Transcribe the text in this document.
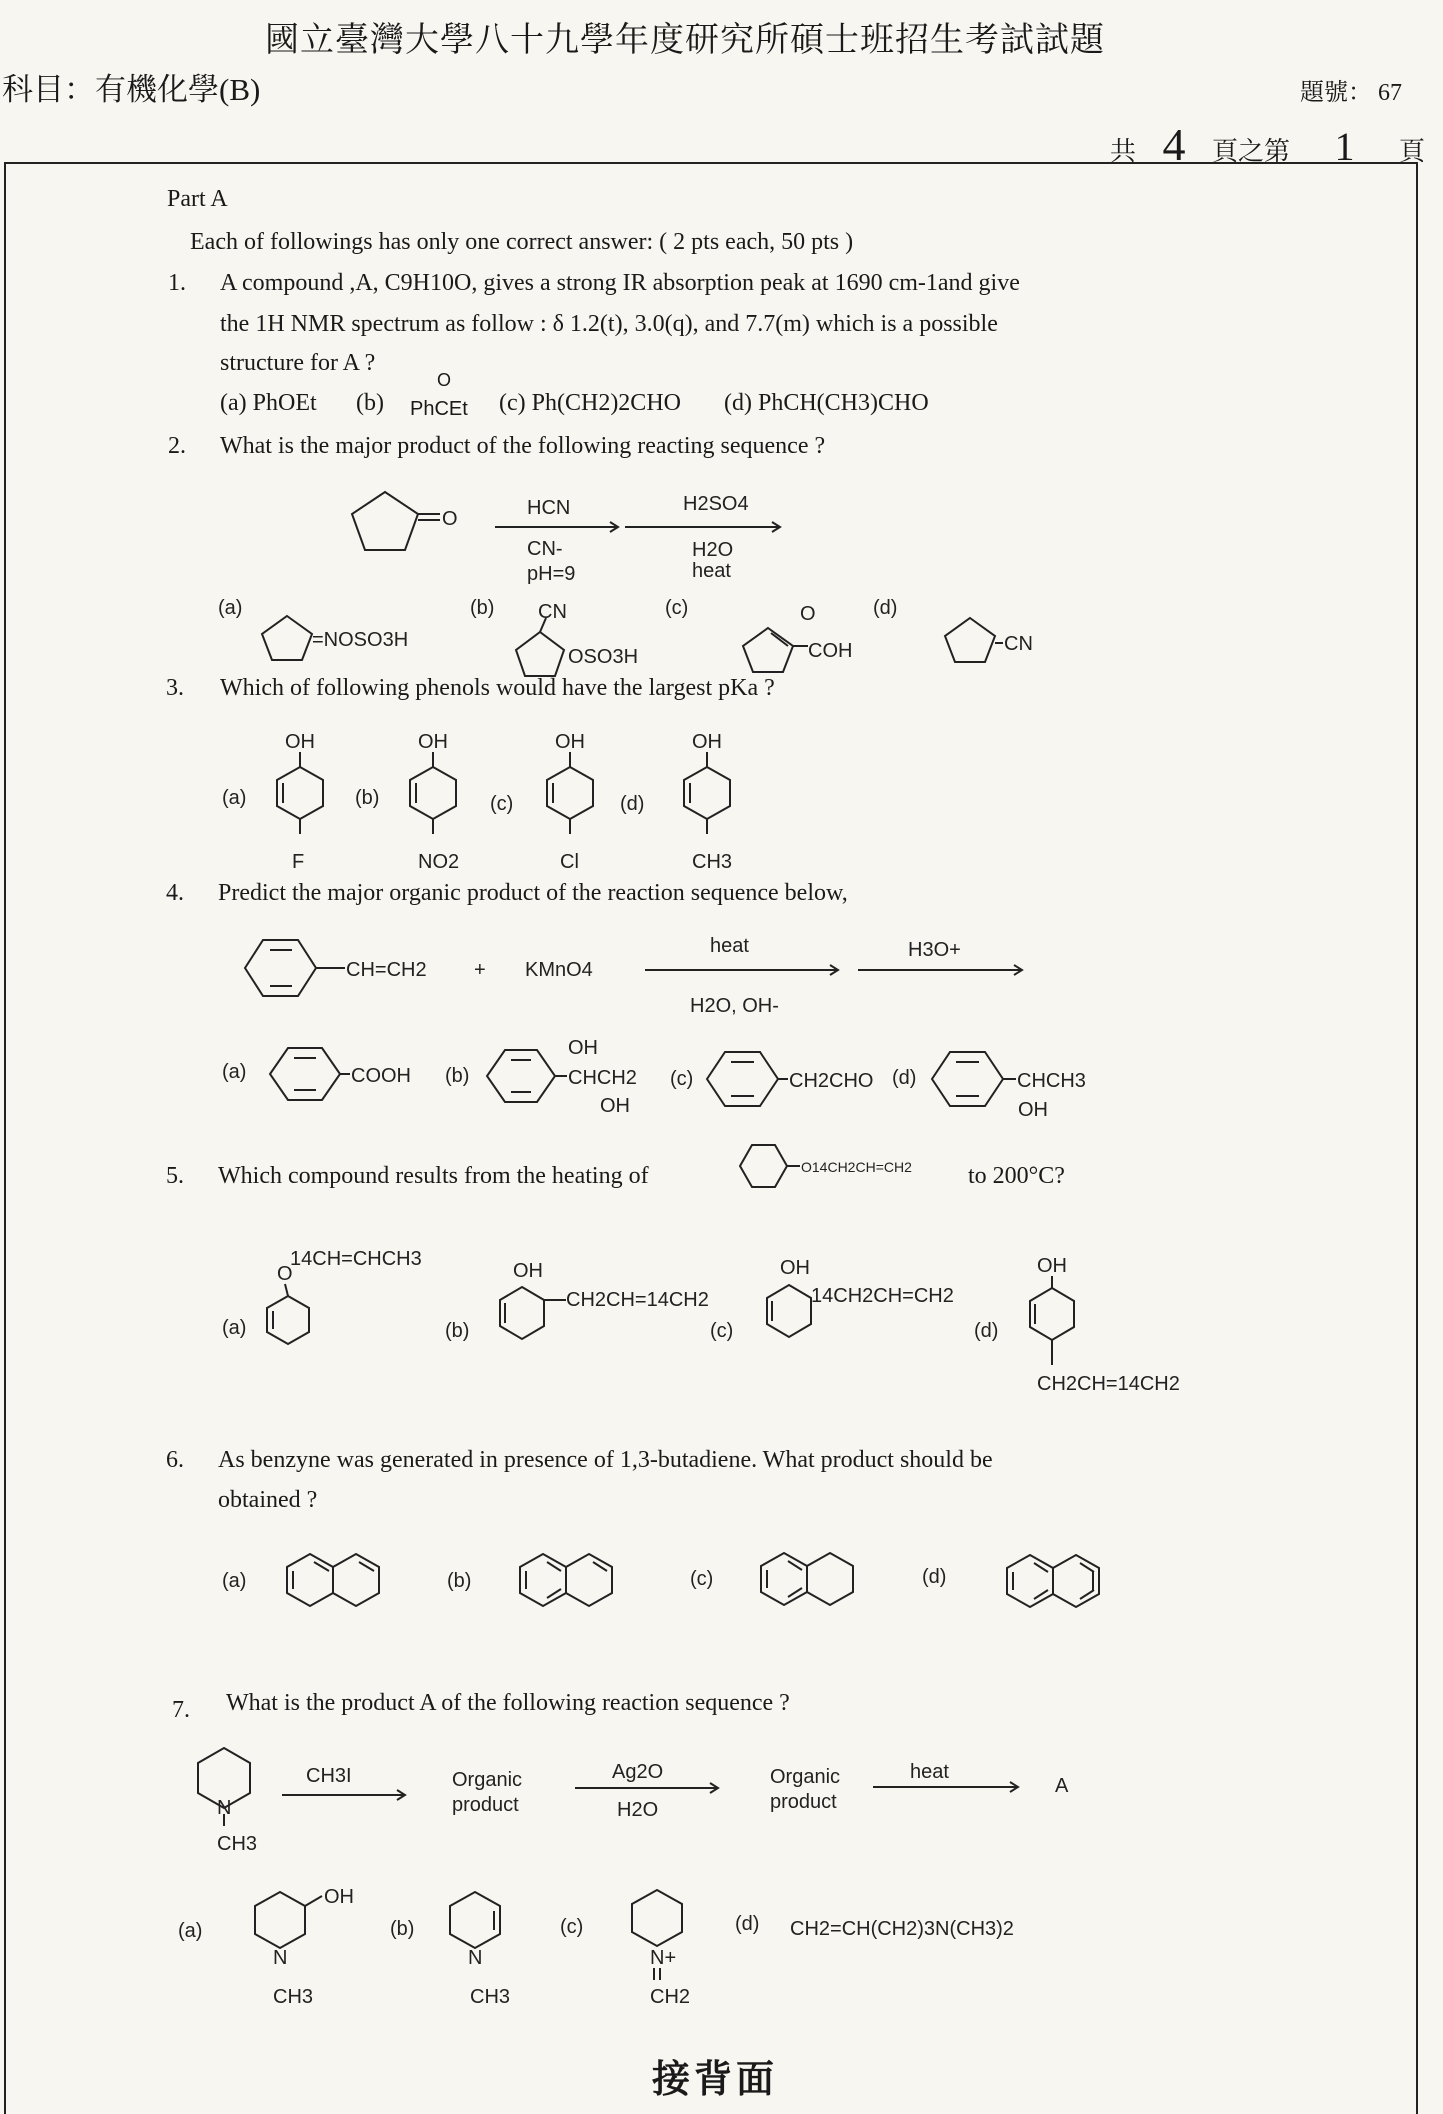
國立臺灣大學八十九學年度研究所碩士班招生考試試題
科目：有機化學(B)	題號： 67
共 4 頁之第 1 頁
Part A
Each of followings has only one correct answer: ( 2 pts each, 50 pts )
1. A compound ,A, C9H10O, gives a strong IR absorption peak at 1690 cm-1and give
the 1H NMR spectrum as follow : δ 1.2(t), 3.0(q), and 7.7(m) which is a possible
structure for A ?
(a) PhOEt (b) PhCEt
O
(c) Ph(CH2)2CHO (d) PhCH(CH3)CHO
2. What is the major product of the following reacting sequence ?
3. Which of following phenols would have the largest pKa ?
4. Predict the major organic product of the reaction sequence below,
5. Which compound results from the heating of	to 200°C?
6. As benzyne was generated in presence of 1,3-butadiene. What product should be
obtained ?
7. What is the product A of the following reaction sequence ?
接背面
O	HCN
CN-
pH=9
H2SO4
H2O
heat
(a)
=NOSO3H
(b) CN
OSO3H
(c)	O
COH
(d)
CN
(a)
OH
F
(b)
OH
NO2
(c)
OH
Cl
(d)
OH
CH3
CH=CH2 + KMnO4
heat
H2O, OH-
H3O+
(a)	COOH (b)
OH
CHCH2
OH
(c)	CH2CHO (d)	CHCH3
OH
O14CH2CH=CH2
(a)
O
14CH=CHCH3
(b)
OH
CH2CH=14CH2
(c)
OH
14CH2CH=CH2
(d)
OH
CH2CH=14CH2
(a)	(b)	(c)	(d)
N
CH3
CH3I	Organic
product
Ag2O
H2O
Organic
product
heat
A
(a)
OH
N
CH3
(b)
N
CH3
(c)
N+
CH2
(d) CH2=CH(CH2)3N(CH3)2
